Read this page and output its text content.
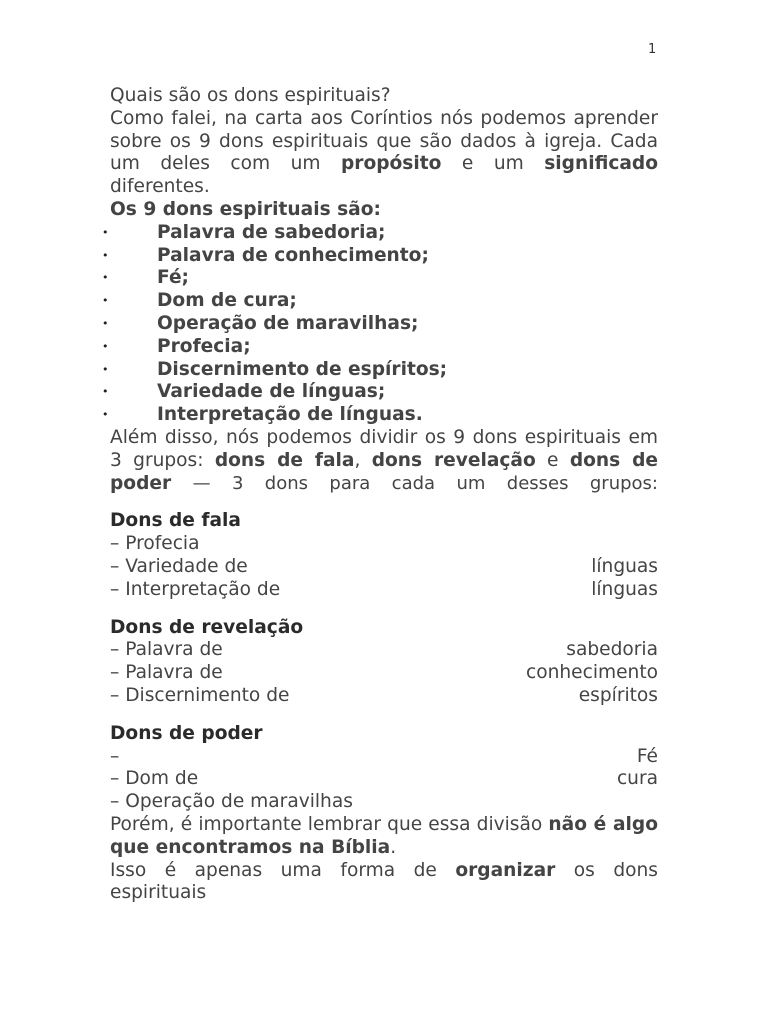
1

Quais são os dons espirituais?

Como falei, na carta aos Coríntios nós podemos aprender sobre os 9 dons espirituais que são dados à igreja. Cada um deles com um propósito e um significado diferentes.

Os 9 dons espirituais são:

• Palavra de sabedoria;
• Palavra de conhecimento;
• Fé;
• Dom de cura;
• Operação de maravilhas;
• Profecia;
• Discernimento de espíritos;
• Variedade de línguas;
• Interpretação de línguas.

Além disso, nós podemos dividir os 9 dons espirituais em 3 grupos: dons de fala, dons revelação e dons de poder — 3 dons para cada um desses grupos:

Dons de fala

– Profecia
– Variedade de	línguas
– Interpretação de	línguas

Dons de revelação

– Palavra de	sabedoria
– Palavra de	conhecimento
– Discernimento de	espíritos

Dons de poder

–	Fé
– Dom de	cura
– Operação de maravilhas

Porém, é importante lembrar que essa divisão não é algo que encontramos na Bíblia.

Isso é apenas uma forma de organizar os dons espirituais
